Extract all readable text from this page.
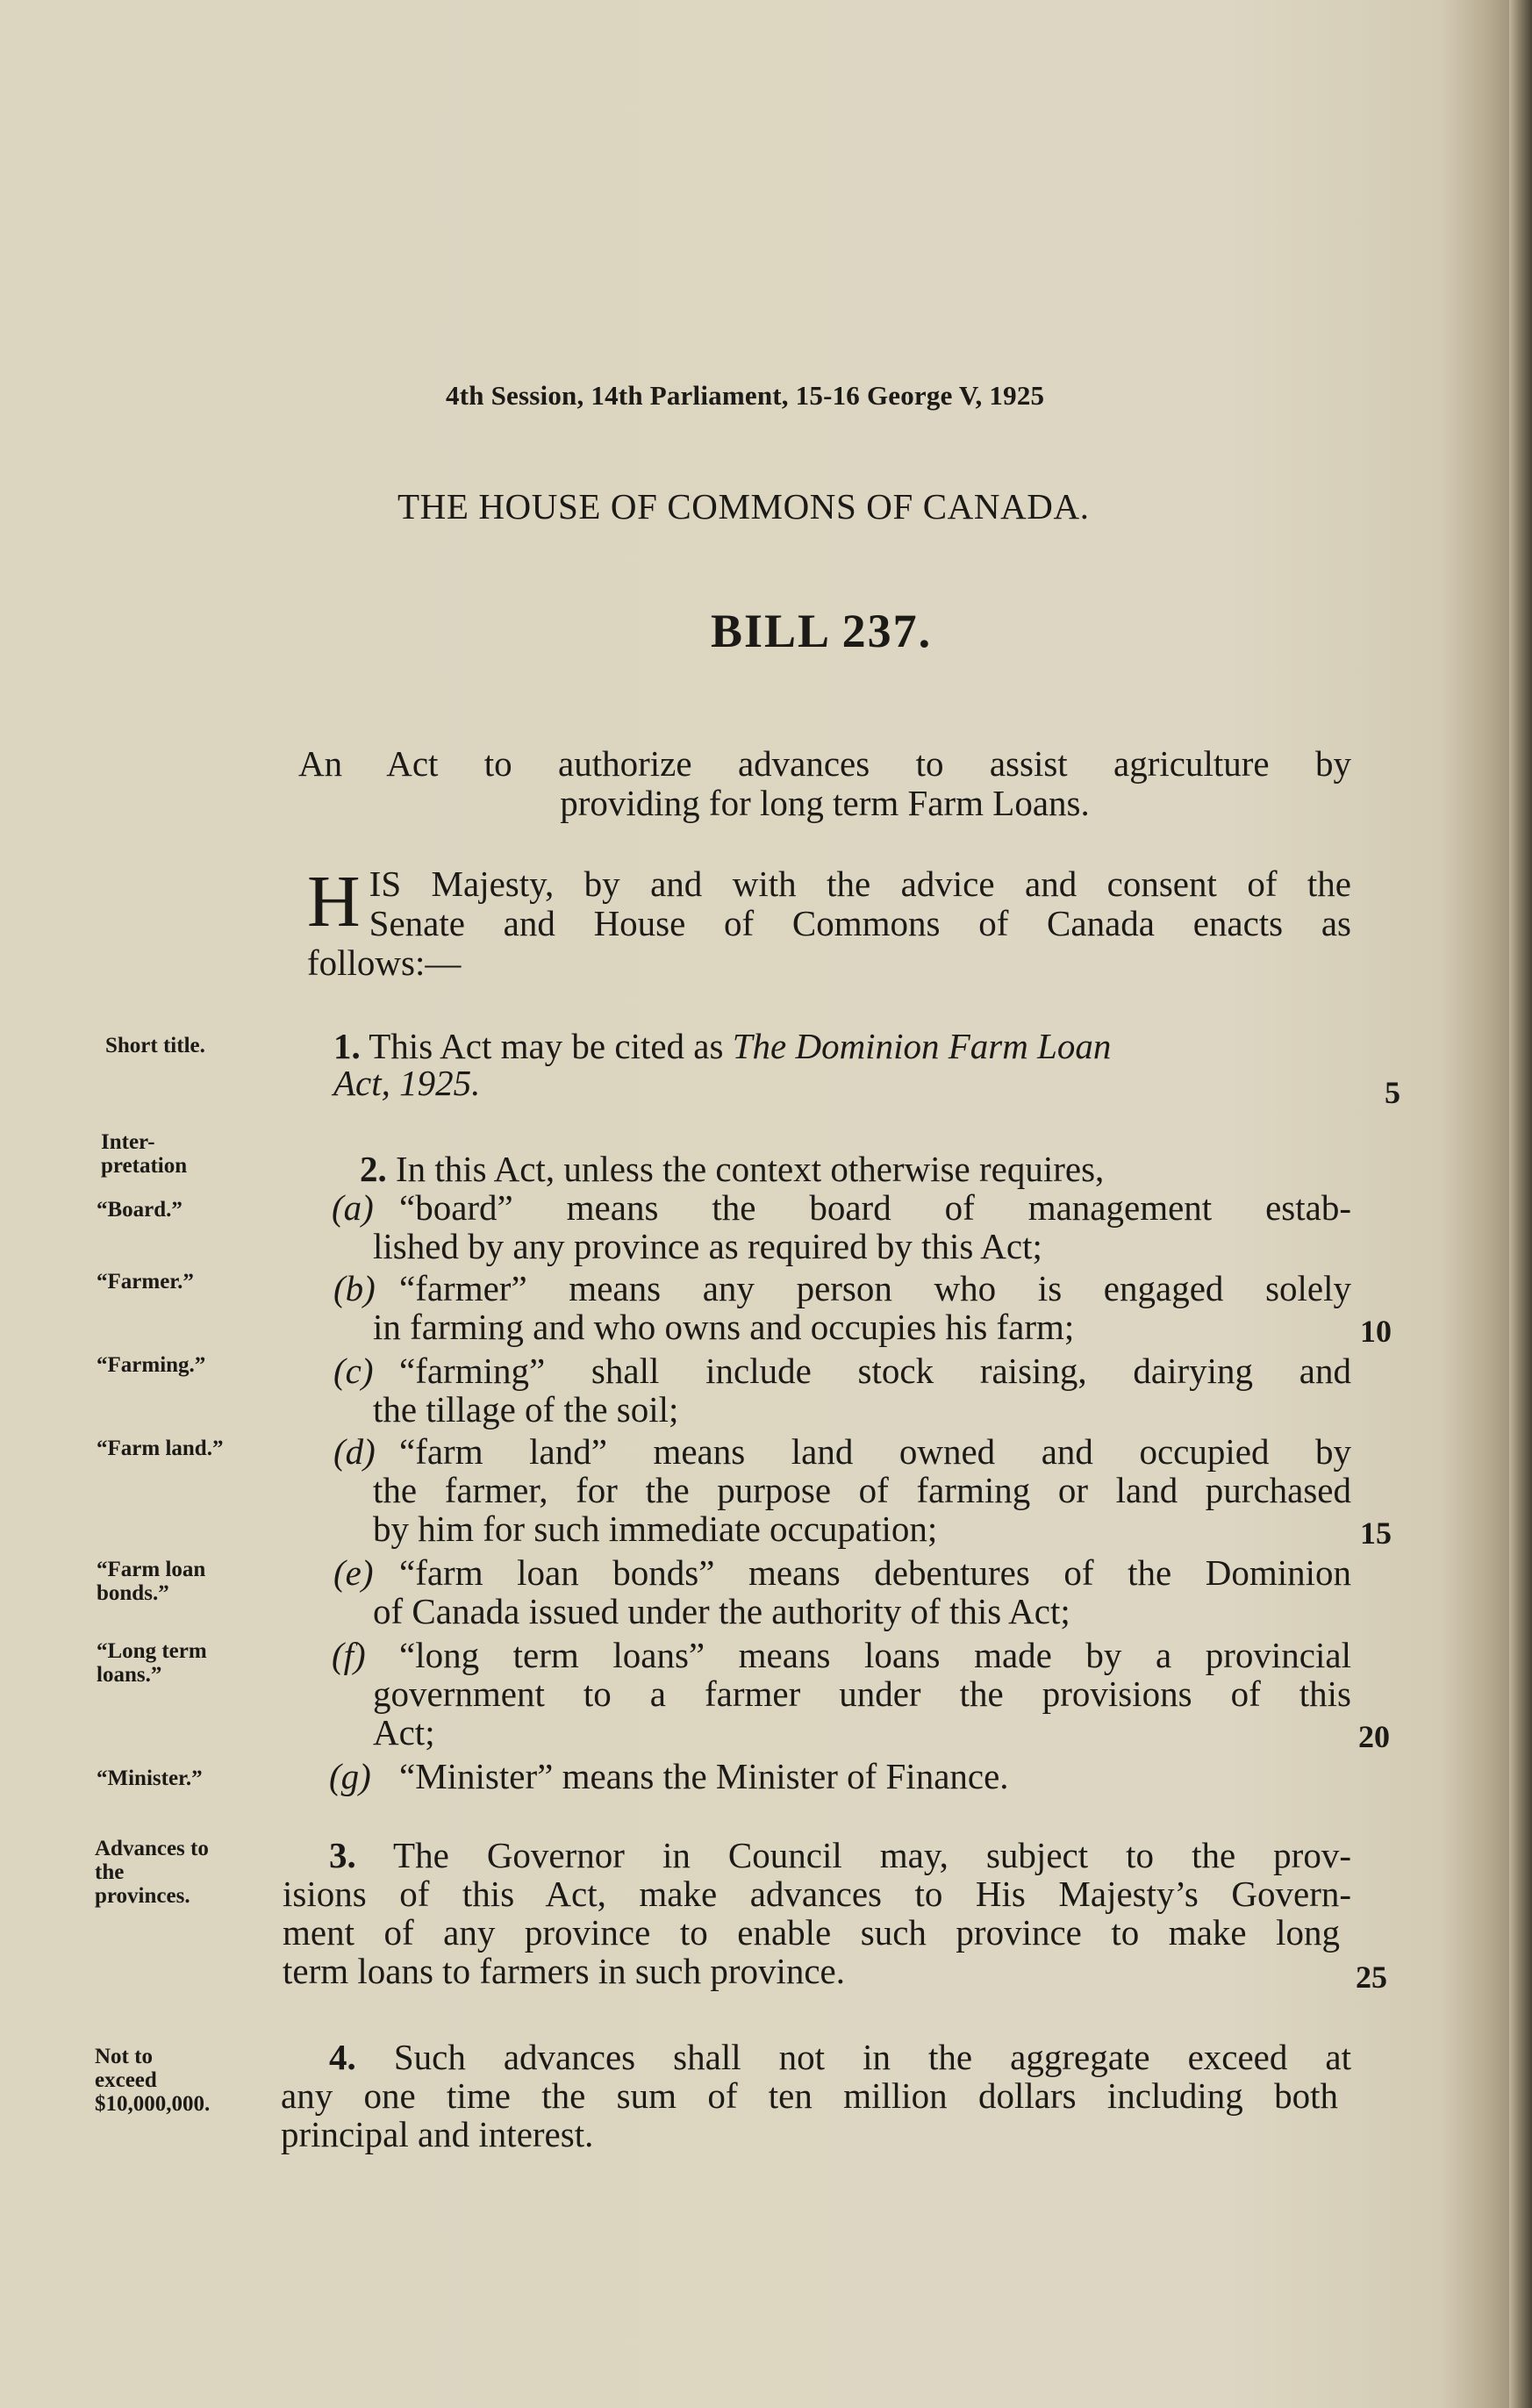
4th Session, 14th Parliament, 15-16 George V, 1925
THE HOUSE OF COMMONS OF CANADA.
BILL 237.
An Act to authorize advances to assist agriculture by
providing for long term Farm Loans.
H IS Majesty, by and with the advice and consent of the
Senate and House of Commons of Canada enacts as
follows:—
Short title.
Inter-
pretation
“Board.”
“Farmer.”
“Farming.”
“Farm land.”
“Farm loan
bonds.”
“Long term
loans.”
“Minister.”
Advances to
the
provinces.
Not to
exceed
$10,000,000.
1. This Act may be cited as The Dominion Farm Loan
Act, 1925.
2. In this Act, unless the context otherwise requires,
(a) “board” means the board of management estab-
lished by any province as required by this Act;
(b) “farmer” means any person who is engaged solely
in farming and who owns and occupies his farm;
(c) “farming” shall include stock raising, dairying and
the tillage of the soil;
(d) “farm land” means land owned and occupied by
the farmer, for the purpose of farming or land purchased
by him for such immediate occupation;
(e) “farm loan bonds” means debentures of the Dominion
of Canada issued under the authority of this Act;
(f) “long term loans” means loans made by a provincial
government to a farmer under the provisions of this
Act;
(g) “Minister” means the Minister of Finance.
3. The Governor in Council may, subject to the prov-
isions of this Act, make advances to His Majesty’s Govern-
ment of any province to enable such province to make long
term loans to farmers in such province.
4. Such advances shall not in the aggregate exceed at
any one time the sum of ten million dollars including both
principal and interest.
5
10
15
20
25
